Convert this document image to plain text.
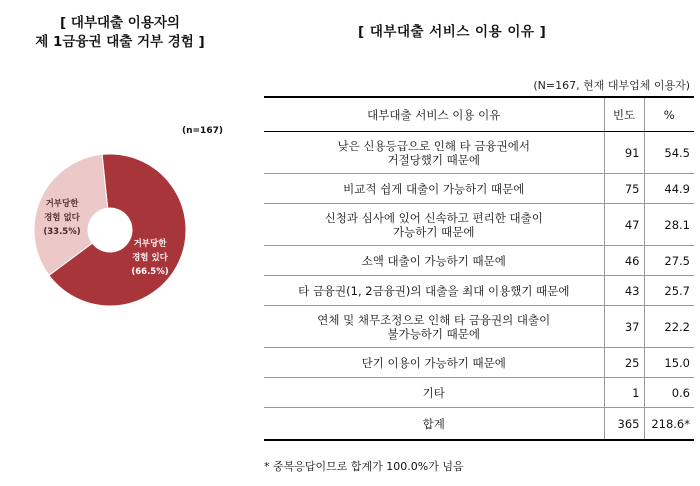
[ 대부대출 이용자의
제 1금융권 대출 거부 경험 ]
(n=167)
거부당한
경험 있다
(66.5%)
거부당한
경험 없다
(33.5%)
[ 대부대출 서비스 이용 이유 ]
(N=167, 현재 대부업체 이용자)
대부대출 서비스 이용 이유	빈도	%

낮은 신용등급으로 인해 타 금융권에서
거절당했기 때문에	91	54.5

비교적 쉽게 대출이 가능하기 때문에	75	44.9

신청과 심사에 있어 신속하고 편리한 대출이
가능하기 때문에	47	28.1

소액 대출이 가능하기 때문에	46	27.5

타 금융권(1, 2금융권)의 대출을 최대 이용했기 때문에	43	25.7

연체 및 채무조정으로 인해 타 금융권의 대출이
불가능하기 때문에	37	22.2

단기 이용이 가능하기 때문에	25	15.0

기타	1	0.6
합계	365	218.6*
* 중복응답이므로 합계가 100.0%가 넘음
